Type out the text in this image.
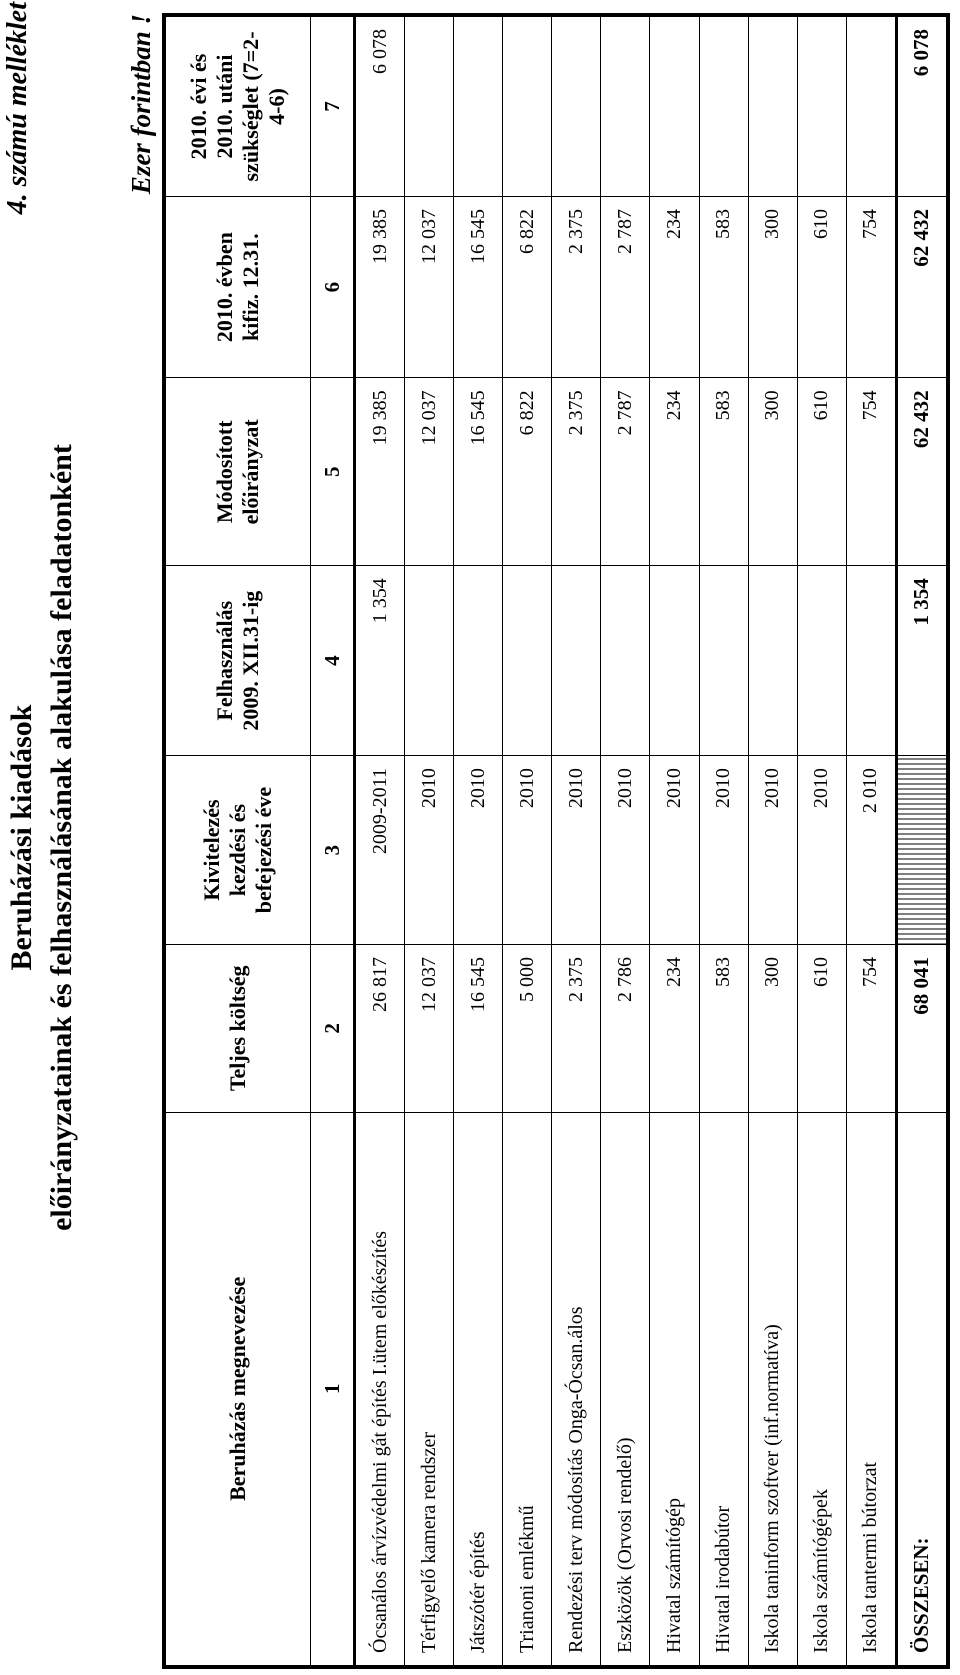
4. számú melléklet
Beruházási kiadások előirányzatainak és felhasználásának alakulása feladatonként
Ezer forintban !
Beruházás megnevezése	Teljes költség	Kivitelezés kezdési és befejezési éve	Felhasználás 2009. XII.31-ig	Módosított előirányzat	2010. évben kifiz. 12.31.	2010. évi és 2010. utáni szükséglet (7=2-4-6)
1	2	3	4	5	6	7
Ócsanálos árvízvédelmi gát építés I.ütem előkészítés	26 817	2009-2011	1 354	19 385	19 385	6 078
Térfigyelő kamera rendszer	12 037	2010		12 037	12 037	
Játszótér építés	16 545	2010		16 545	16 545	
Trianoni emlékmű	5 000	2010		6 822	6 822	
Rendezési terv módosítás Onga-Ócsan.álos	2 375	2010		2 375	2 375	
Eszközök (Orvosi rendelő)	2 786	2010		2 787	2 787	
Hivatal számítógép	234	2010		234	234	
Hivatal irodabútor	583	2010		583	583	
Iskola taninform szoftver (inf.normatíva)	300	2010		300	300	
Iskola számítógépek	610	2010		610	610	
Iskola tantermi bútorzat	754	2 010		754	754	
ÖSSZESEN:	68 041		1 354	62 432	62 432	6 078
